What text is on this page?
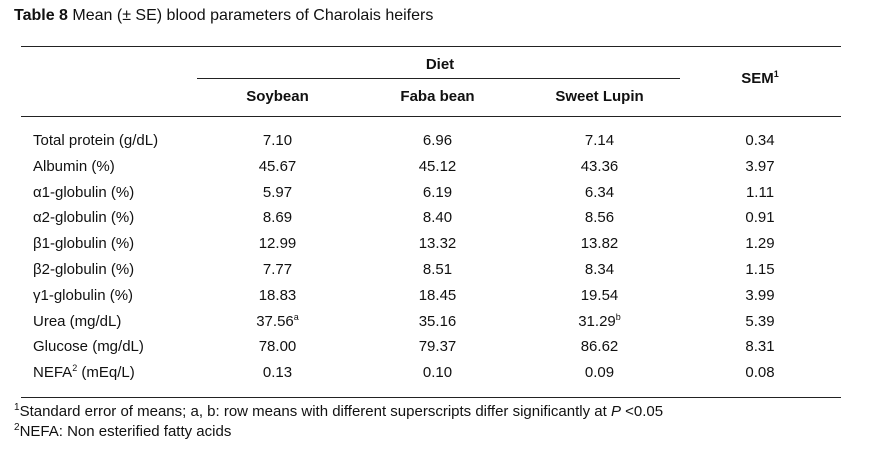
Table 8 Mean (± SE) blood parameters of Charolais heifers
Diet
Soybean	Faba bean	Sweet Lupin
SEM$^1$
Total protein (g/dL)	7.10	6.96	7.14	0.34
Albumin (%)	45.67	45.12	43.36	3.97
α1-globulin (%)	5.97	6.19	6.34	1.11
α2-globulin (%)	8.69	8.40	8.56	0.91
β1-globulin (%)	12.99	13.32	13.82	1.29
β2-globulin (%)	7.77	8.51	8.34	1.15
γ1-globulin (%)	18.83	18.45	19.54	3.99
Urea (mg/dL)	37.56$^a$	35.16	31.29$^b$	5.39
Glucose (mg/dL)	78.00	79.37	86.62	8.31
NEFA$^2$ (mEq/L)	0.13	0.10	0.09	0.08
$^1$Standard error of means; a, b: row means with different superscripts differ significantly at P <0.05
$^2$NEFA: Non esterified fatty acids
